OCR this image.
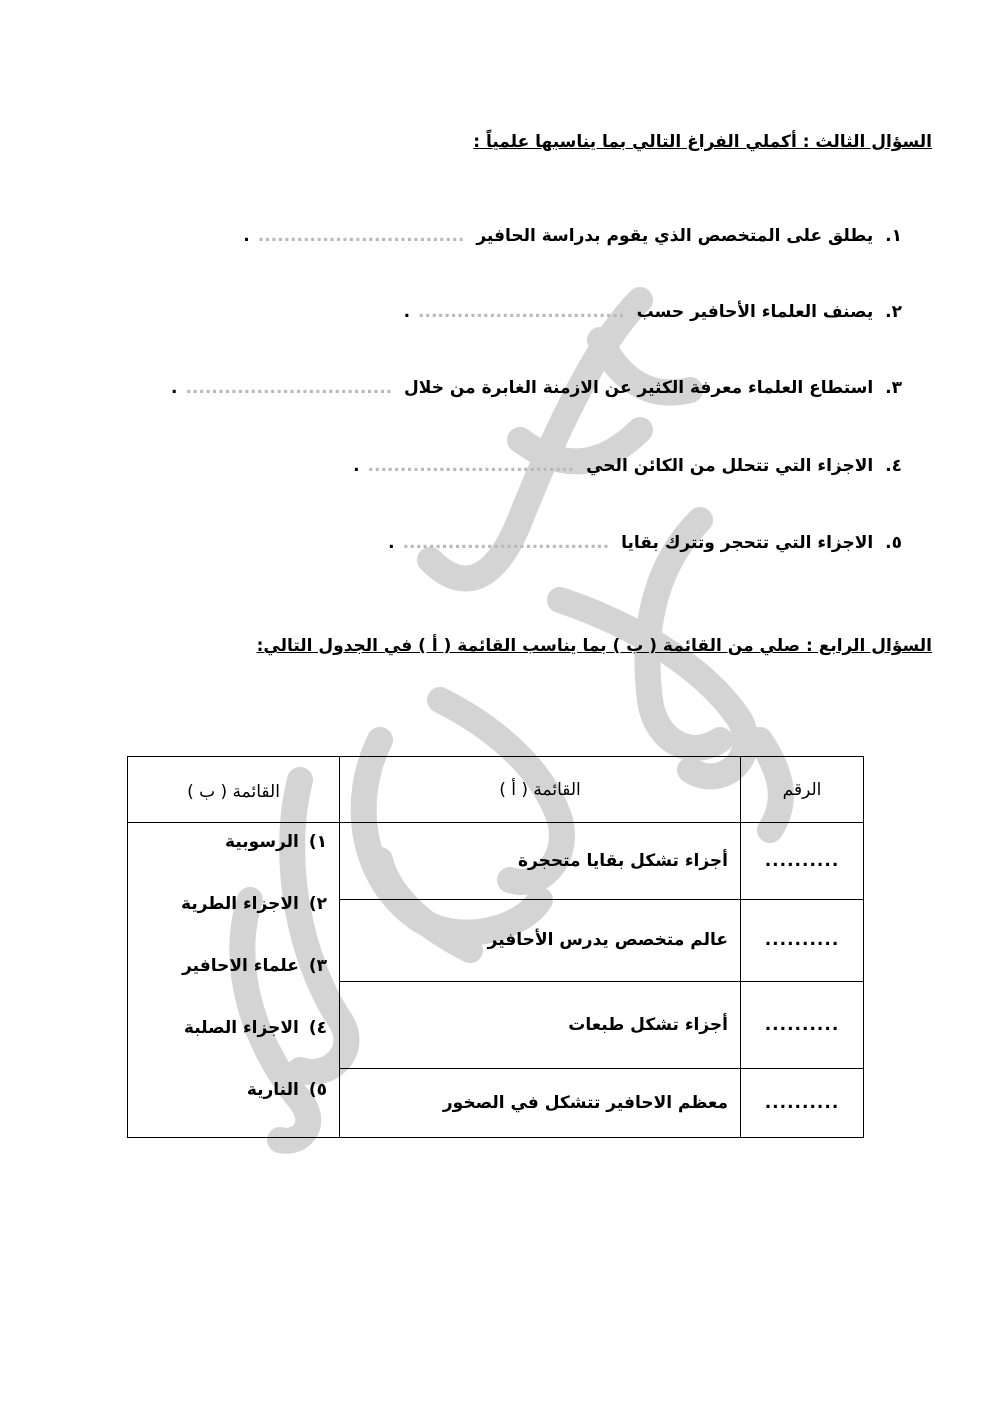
السؤال الثالث : أكملي الفراغ التالي بما يناسبها علمياً :
١. يطلق على المتخصص الذي يقوم بدراسة الحافير .................................
٢. يصنف العلماء الأحافير حسب .................................
٣. استطاع العلماء معرفة الكثير عن الازمنة الغابرة من خلال .................................
٤. الاجزاء التي تتحلل من الكائن الحي .................................
٥. الاجزاء التي تتحجر وتترك بقايا .................................
السؤال الرابع : صلي من القائمة ( ب ) بما يناسب القائمة ( أ ) في الجدول التالي:
الرقم	القائمة ( أ )	القائمة ( ب )
..........	أجزاء تشكل بقايا متحجرة	١)الرسوبية
٢)الاجزاء الطرية
٣)علماء الاحافير
٤)الاجزاء الصلبة
٥)النارية

..........	عالم متخصص يدرس الأحافير	
..........	أجزاء تشكل طبعات	
..........	معظم الاحافير تتشكل في الصخور	
